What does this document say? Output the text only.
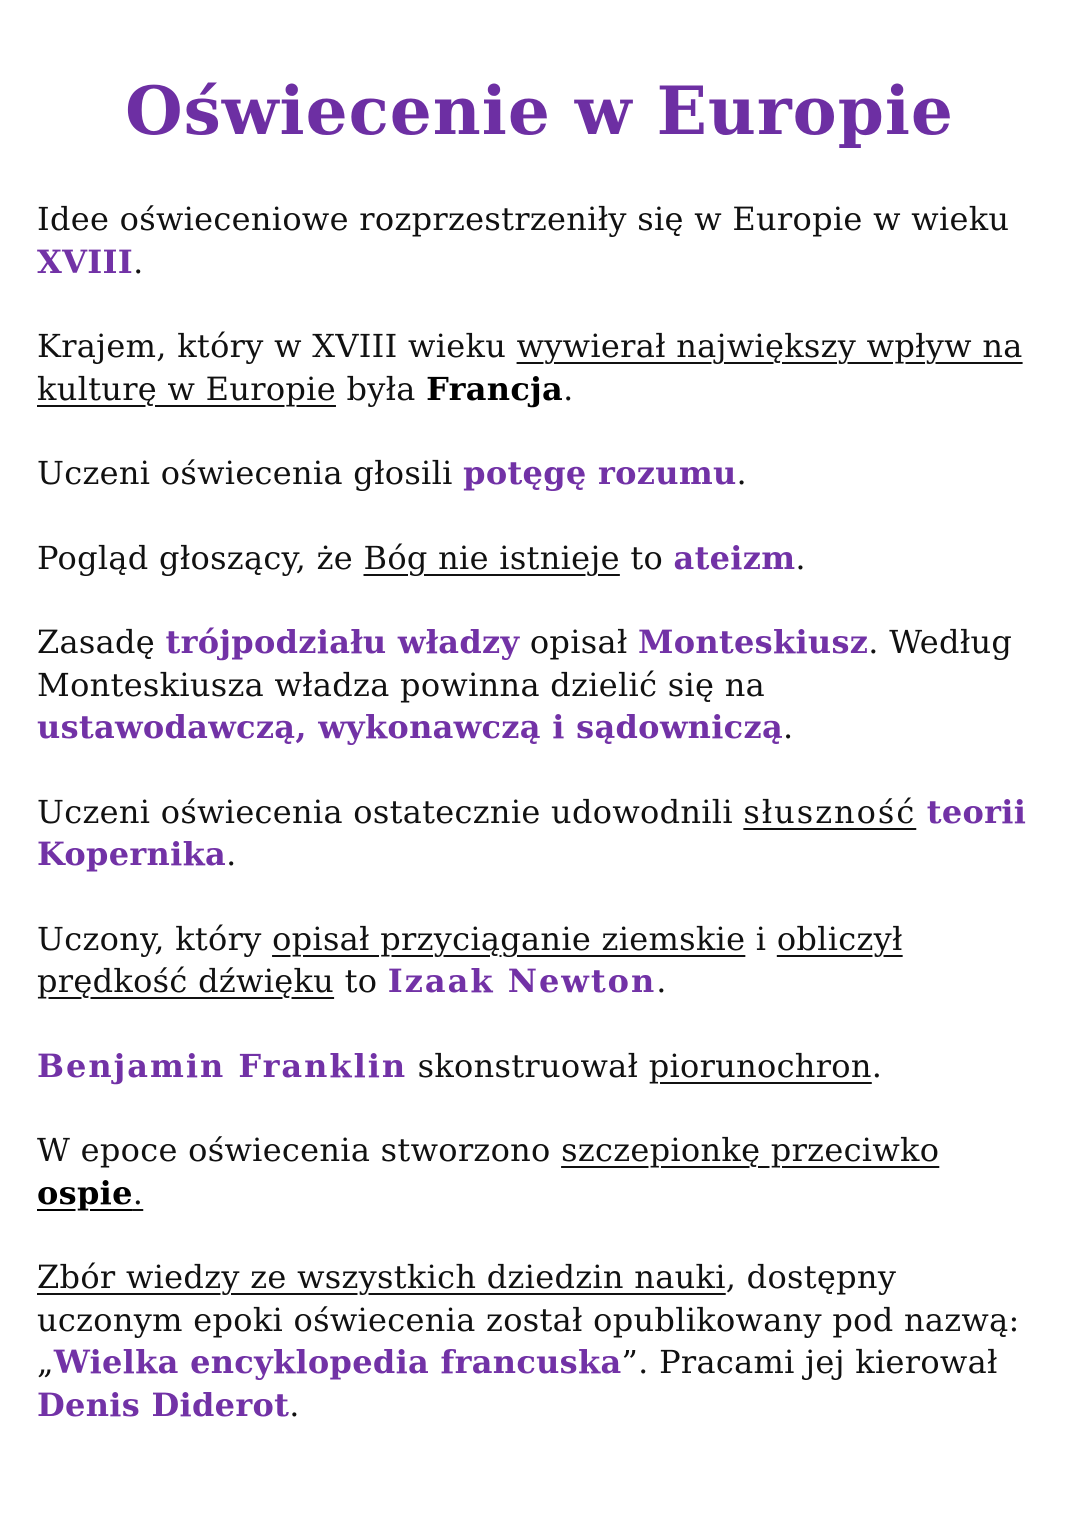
Oświecenie w Europie

Idee oświeceniowe rozprzestrzeniły się w Europie w wieku XVIII.

Krajem, który w XVIII wieku wywierał największy wpływ na kulturę w Europie była Francja.

Uczeni oświecenia głosili potęgę rozumu.

Pogląd głoszący, że Bóg nie istnieje to ateizm.

Zasadę trójpodziału władzy opisał Monteskiusz. Według Monteskiusza władza powinna dzielić się na ustawodawczą, wykonawczą i sądowniczą.

Uczeni oświecenia ostatecznie udowodnili słuszność teorii Kopernika.

Uczony, który opisał przyciąganie ziemskie i obliczył prędkość dźwięku to Izaak Newton.

Benjamin Franklin skonstruował piorunochron.

W epoce oświecenia stworzono szczepionkę przeciwko ospie.

Zbór wiedzy ze wszystkich dziedzin nauki, dostępny uczonym epoki oświecenia został opublikowany pod nazwą: „Wielka encyklopedia francuska”. Pracami jej kierował Denis Diderot.
